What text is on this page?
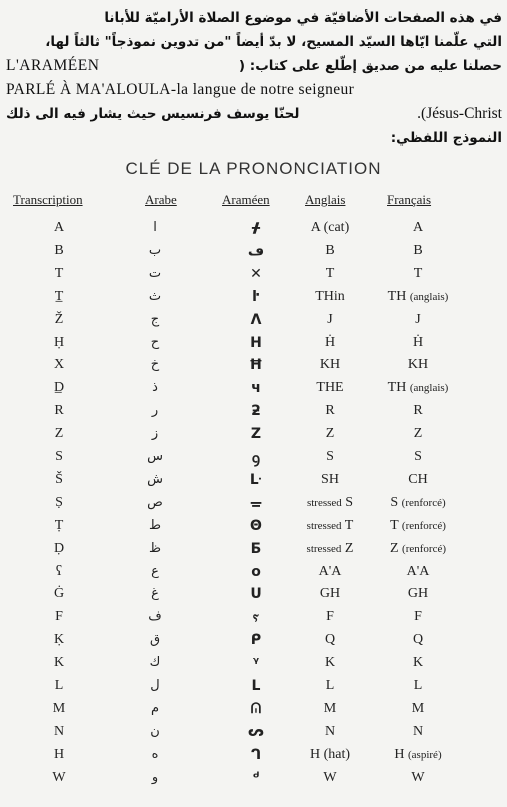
في هذه الصفحات الأضافيّة في موضوع الصلاة الأراميّة للأبانا
التي علّمنا ايّاها السيّد المسيح، لا بدّ أيضاً "من تدوين نموذجاً" ثالثاً لها،
L'ARAMÉEN	حصلنا عليه من صديق إطّلع على كتاب: (
PARLÉ À MA'ALOULA-la langue de notre seigneur
لحنّا يوسف فرنسيس حيث يشار فيه الى ذلك	.(Jésus-Christ
النموذج اللفظي:
CLÉ DE LA PRONONCIATION
Transcription	Arabe	Araméen	Anglais	Français
A	ا	ᚋ	A (cat)	A
B	ب	ڡ	B	B
T	ت	✕	T	T
T̲	ث	ŀ	THin	TH (anglais)
Ž	ج	Λ	J	J
Ḥ	ح	H	Ḣ	Ḣ
X	خ	Ħ	KH	KH
D̲	ذ	ч	THE	TH (anglais)
R	ر	ƻ	R	R
Z	ز	Z	Z	Z
S	س	ꝯ	S	S
Š	ش	ᒷ	SH	CH
Ṣ	ص	ᚚ	stressed S	S (renforcé)
Ṭ	ط	Θ	stressed T	T (renforcé)
Ḍ	ظ	Ƃ	stressed Z	Z (renforcé)
ʕ	ع	o	A'A	A'A
Ġ	غ	ᑌ	GH	GH
F	ف	ⲋ	F	F
Ḳ	ق	ᑭ	Q	Q
K	ك	ᵞ	K	K
L	ل	L	L	L
M	م	ᕬ	M	M
N	ن	ᔕ	N	N
H	ه	ᒉ	H (hat)	H (aspiré)
W	و	ᒄ	W	W
